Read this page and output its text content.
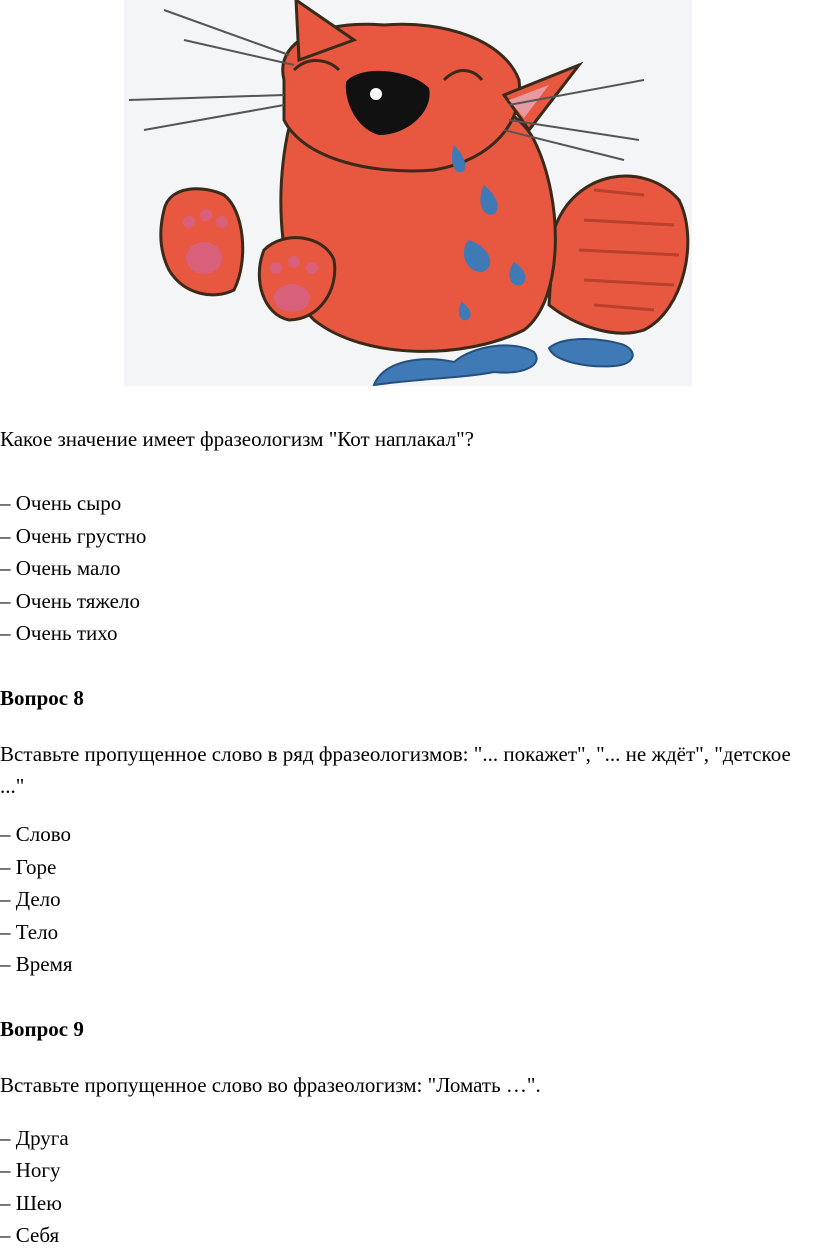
Какое значение имеет фразеологизм "Кот наплакал"?
– Очень сыро
– Очень грустно
– Очень мало
– Очень тяжело
– Очень тихо
Вопрос 8
Вставьте пропущенное слово в ряд фразеологизмов: "... покажет", "... не ждёт", "детское ..."
– Слово
– Горе
– Дело
– Тело
– Время
Вопрос 9
Вставьте пропущенное слово во фразеологизм: "Ломать …".
– Друга
– Ногу
– Шею
– Себя
